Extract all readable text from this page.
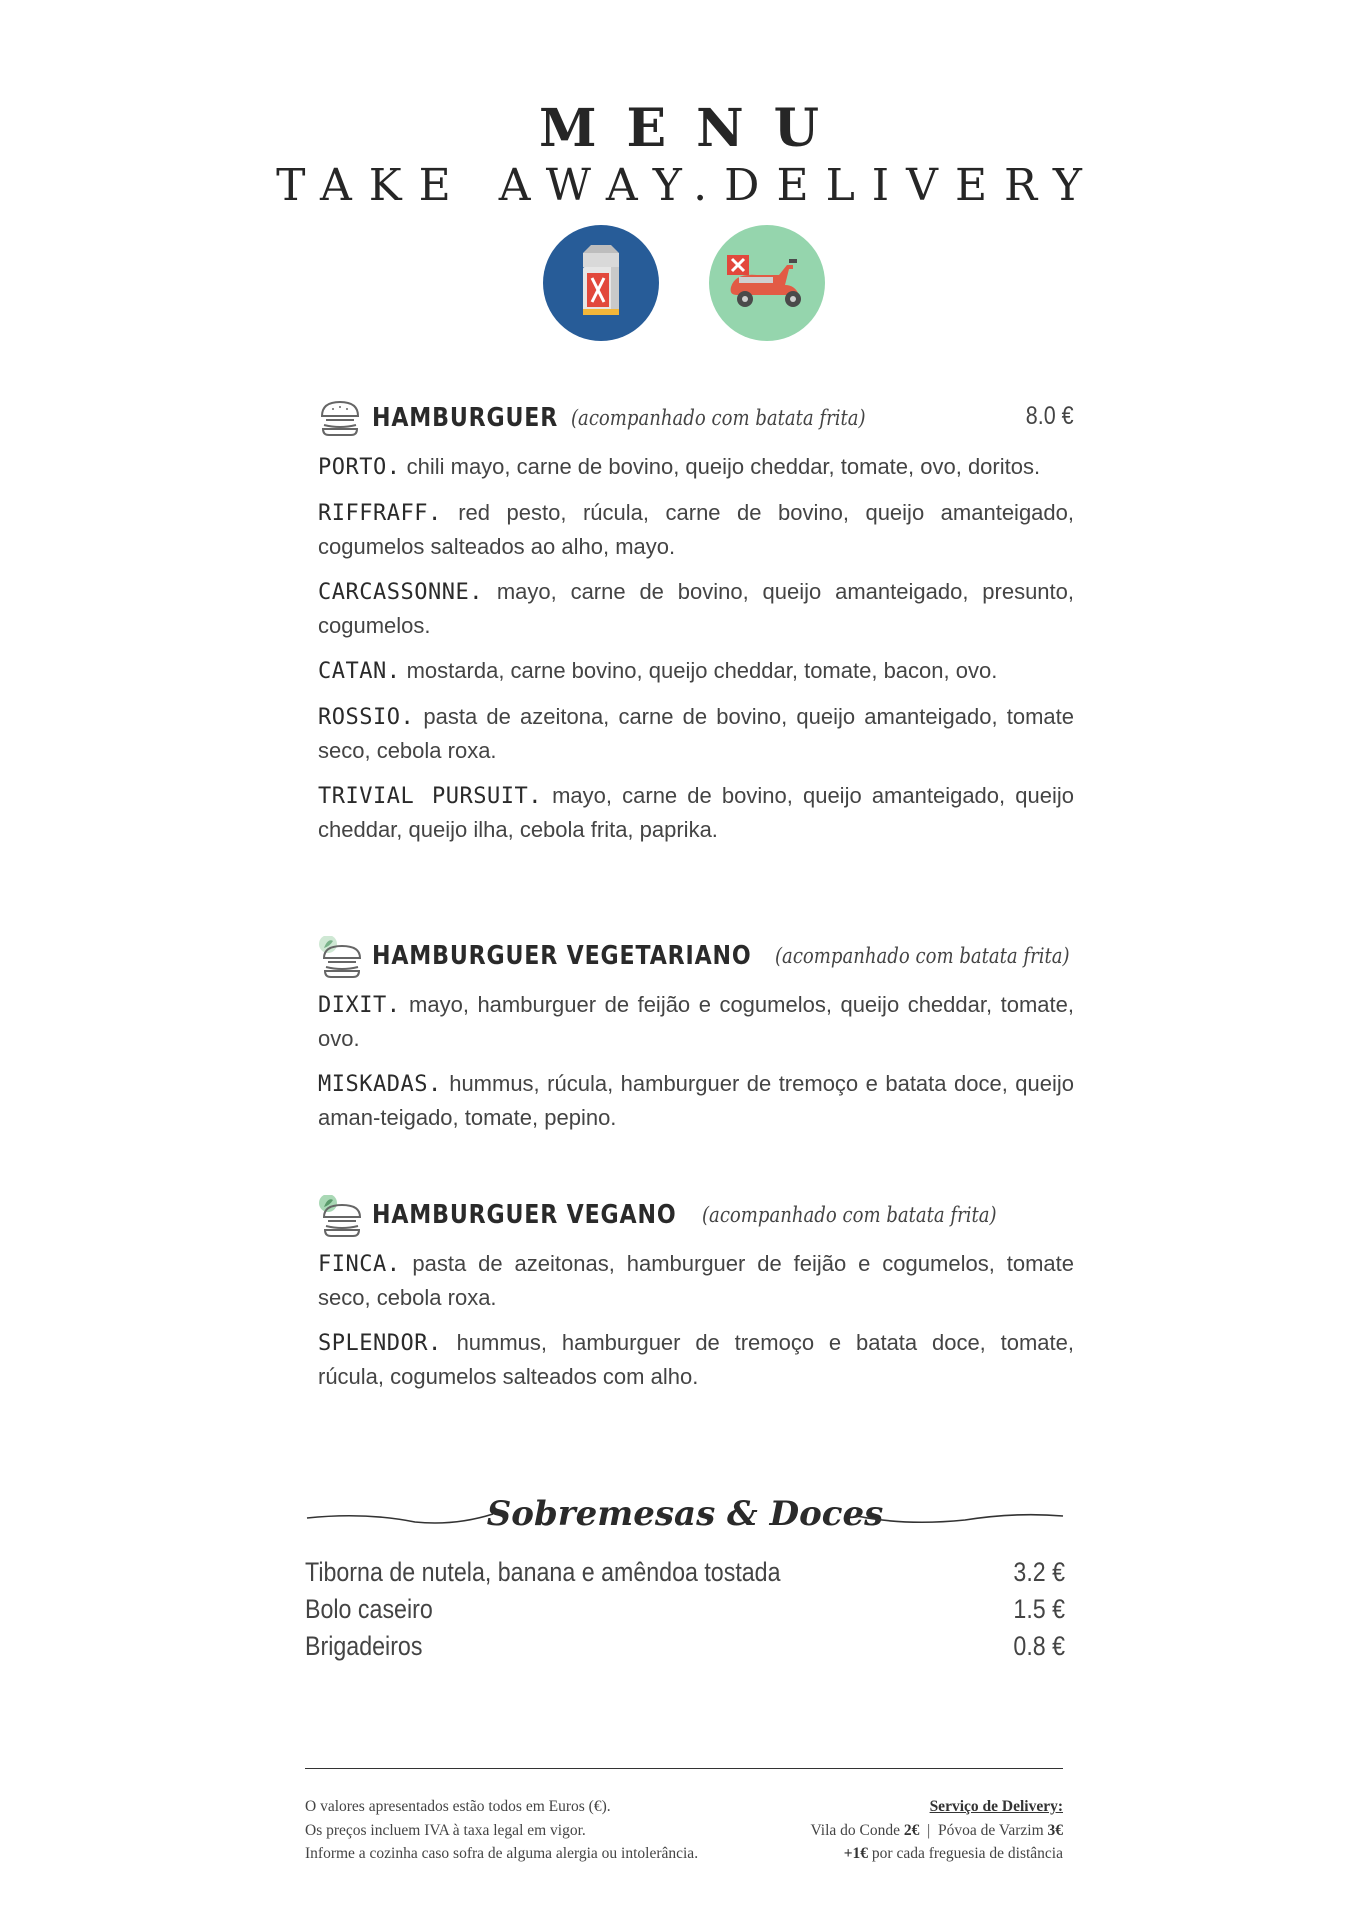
MENU
TAKE AWAY.DELIVERY
HAMBURGUER (acompanhado com batata frita)	8.0 €
PORTO. chili mayo, carne de bovino, queijo cheddar, tomate, ovo, doritos.
RIFFRAFF. red pesto, rúcula, carne de bovino, queijo amanteigado, cogumelos salteados ao alho, mayo.
CARCASSONNE. mayo, carne de bovino, queijo amanteigado, presunto, cogumelos.
CATAN. mostarda, carne bovino, queijo cheddar, tomate, bacon, ovo.
ROSSIO. pasta de azeitona, carne de bovino, queijo amanteigado, tomate seco, cebola roxa.
TRIVIAL PURSUIT. mayo, carne de bovino, queijo amanteigado, queijo cheddar, queijo ilha, cebola frita, paprika.
HAMBURGUER VEGETARIANO (acompanhado com batata frita)
DIXIT. mayo, hamburguer de feijão e cogumelos, queijo cheddar, tomate, ovo.
MISKADAS. hummus, rúcula, hamburguer de tremoço e batata doce, queijo aman-teigado, tomate, pepino.
HAMBURGUER VEGANO (acompanhado com batata frita)
FINCA. pasta de azeitonas, hamburguer de feijão e cogumelos, tomate seco, cebola roxa.
SPLENDOR. hummus, hamburguer de tremoço e batata doce, tomate, rúcula, cogumelos salteados com alho.
Sobremesas & Doces
Tiborna de nutela, banana e amêndoa tostada	3.2 €
Bolo caseiro	1.5 €
Brigadeiros	0.8 €
O valores apresentados estão todos em Euros (€).
Os preços incluem IVA à taxa legal em vigor.
Informe a cozinha caso sofra de alguma alergia ou intolerância.
Serviço de Delivery:
Vila do Conde 2€ | Póvoa de Varzim 3€
+1€ por cada freguesia de distância
